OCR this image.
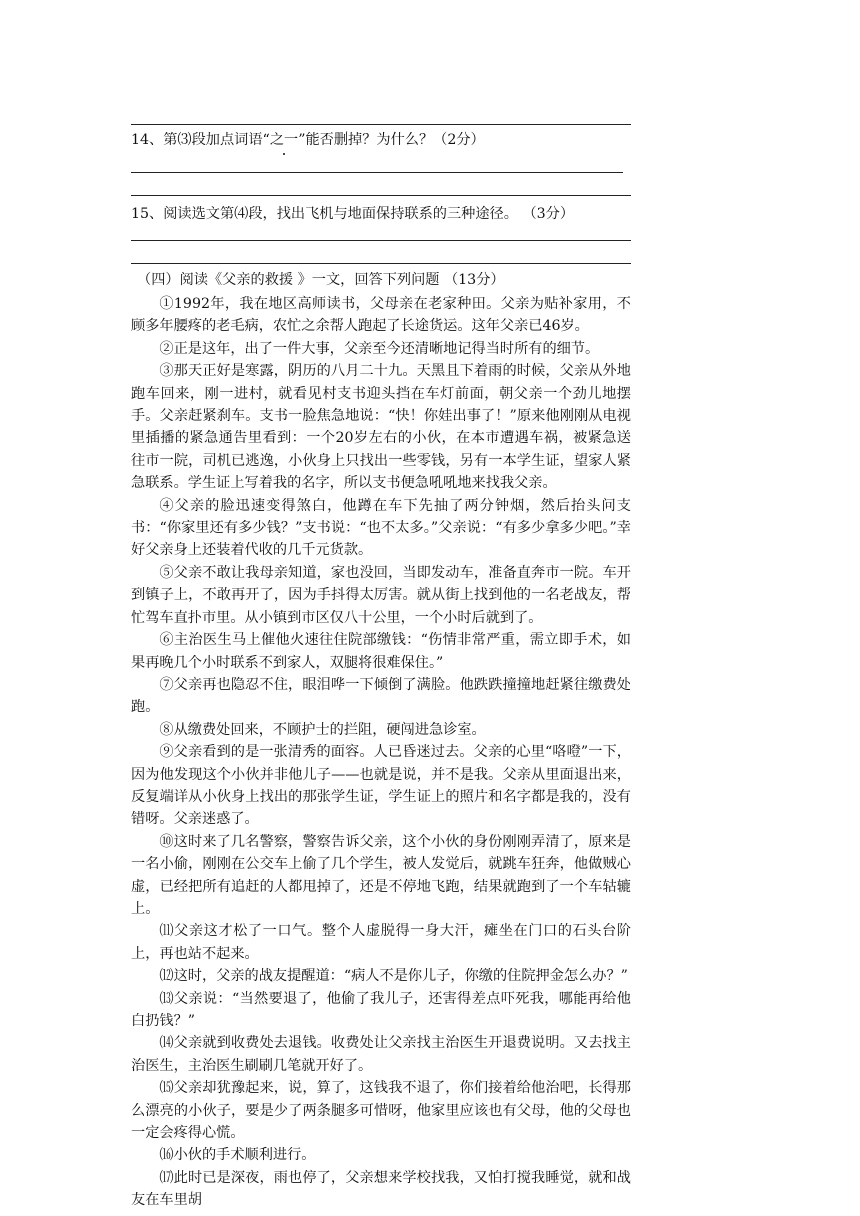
14、第⑶段加点词语“之一”能否删掉？为什么？（2分）
15、阅读选文第⑷段，找出飞机与地面保持联系的三种途径。 （3分）
（四）阅读《父亲的救援 》一文，回答下列问题 （13分）

①1992年，我在地区高师读书，父母亲在老家种田。父亲为贴补家用，不顾多年腰疼的老毛病，农忙之余帮人跑起了长途货运。这年父亲已46岁。

②正是这年，出了一件大事，父亲至今还清晰地记得当时所有的细节。

③那天正好是寒露，阴历的八月二十九。天黑且下着雨的时候，父亲从外地跑车回来，刚一进村，就看见村支书迎头挡在车灯前面，朝父亲一个劲儿地摆手。父亲赶紧刹车。支书一脸焦急地说：“快！你娃出事了！”原来他刚刚从电视里插播的紧急通告里看到：一个20岁左右的小伙，在本市遭遇车祸，被紧急送往市一院，司机已逃逸，小伙身上只找出一些零钱，另有一本学生证，望家人紧急联系。学生证上写着我的名字，所以支书便急吼吼地来找我父亲。

④父亲的脸迅速变得煞白，他蹲在车下先抽了两分钟烟，然后抬头问支书：“你家里还有多少钱？”支书说：“也不太多。”父亲说：“有多少拿多少吧。”幸好父亲身上还装着代收的几千元货款。

⑤父亲不敢让我母亲知道，家也没回，当即发动车，准备直奔市一院。车开到镇子上，不敢再开了，因为手抖得太厉害。就从街上找到他的一名老战友，帮忙驾车直扑市里。从小镇到市区仅八十公里，一个小时后就到了。

⑥主治医生马上催他火速往住院部缴钱：“伤情非常严重，需立即手术，如果再晚几个小时联系不到家人，双腿将很难保住。”

⑦父亲再也隐忍不住，眼泪哗一下倾倒了满脸。他跌跌撞撞地赶紧往缴费处跑。

⑧从缴费处回来，不顾护士的拦阻，硬闯进急诊室。

⑨父亲看到的是一张清秀的面容。人已昏迷过去。父亲的心里“咯噔”一下，因为他发现这个小伙并非他儿子——也就是说，并不是我。父亲从里面退出来，反复端详从小伙身上找出的那张学生证，学生证上的照片和名字都是我的，没有错呀。父亲迷惑了。

⑩这时来了几名警察，警察告诉父亲，这个小伙的身份刚刚弄清了，原来是一名小偷，刚刚在公交车上偷了几个学生，被人发觉后，就跳车狂奔，他做贼心虚，已经把所有追赶的人都甩掉了，还是不停地飞跑，结果就跑到了一个车轱辘上。

⑾父亲这才松了一口气。整个人虚脱得一身大汗，瘫坐在门口的石头台阶上，再也站不起来。

⑿这时，父亲的战友提醒道：“病人不是你儿子，你缴的住院押金怎么办？”

⒀父亲说：“当然要退了，他偷了我儿子，还害得差点吓死我，哪能再给他白扔钱？”

⒁父亲就到收费处去退钱。收费处让父亲找主治医生开退费说明。又去找主治医生，主治医生刷刷几笔就开好了。

⒂父亲却犹豫起来，说，算了，这钱我不退了，你们接着给他治吧，长得那么漂亮的小伙子，要是少了两条腿多可惜呀，他家里应该也有父母，他的父母也一定会疼得心慌。

⒃小伙的手术顺利进行。

⒄此时已是深夜，雨也停了，父亲想来学校找我，又怕打搅我睡觉，就和战友在车里胡
